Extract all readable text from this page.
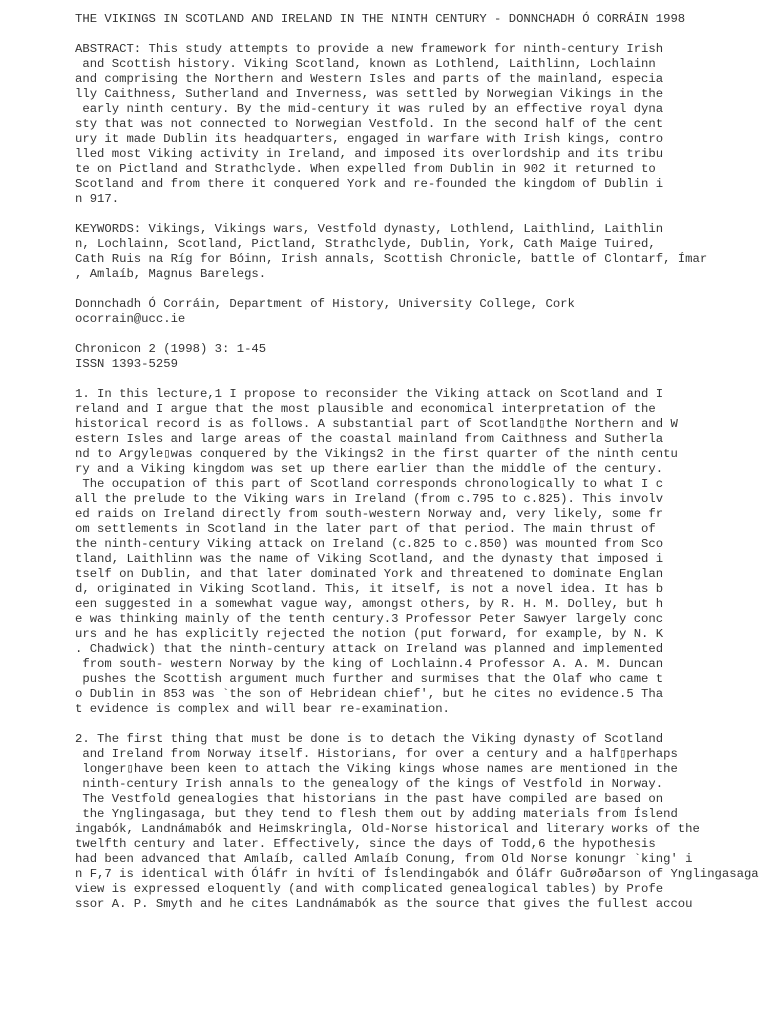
THE VIKINGS IN SCOTLAND AND IRELAND IN THE NINTH CENTURY - DONNCHADH Ó CORRÁIN 1998
ABSTRACT: This study attempts to provide a new framework for ninth-century Irish
and Scottish history. Viking Scotland, known as Lothlend, Laithlinn, Lochlainn
and comprising the Northern and Western Isles and parts of the mainland, especia
lly Caithness, Sutherland and Inverness, was settled by Norwegian Vikings in the
early ninth century. By the mid-century it was ruled by an effective royal dyna
sty that was not connected to Norwegian Vestfold. In the second half of the cent
ury it made Dublin its headquarters, engaged in warfare with Irish kings, contro
lled most Viking activity in Ireland, and imposed its overlordship and its tribu
te on Pictland and Strathclyde. When expelled from Dublin in 902 it returned to
Scotland and from there it conquered York and re-founded the kingdom of Dublin i
n 917.
KEYWORDS: Vikings, Vikings wars, Vestfold dynasty, Lothlend, Laithlind, Laithlin
n, Lochlainn, Scotland, Pictland, Strathclyde, Dublin, York, Cath Maige Tuired,
Cath Ruis na Ríg for Bóinn, Irish annals, Scottish Chronicle, battle of Clontarf, Ímar
, Amlaíb, Magnus Barelegs.
Donnchadh Ó Corráin, Department of History, University College, Cork
ocorrain@ucc.ie
Chronicon 2 (1998) 3: 1-45
ISSN 1393-5259
1. In this lecture,1 I propose to reconsider the Viking attack on Scotland and I
reland and I argue that the most plausible and economical interpretation of the
historical record is as follows. A substantial part of Scotland▯the Northern and W
estern Isles and large areas of the coastal mainland from Caithness and Sutherla
nd to Argyle▯was conquered by the Vikings2 in the first quarter of the ninth centu
ry and a Viking kingdom was set up there earlier than the middle of the century.
The occupation of this part of Scotland corresponds chronologically to what I c
all the prelude to the Viking wars in Ireland (from c.795 to c.825). This involv
ed raids on Ireland directly from south-western Norway and, very likely, some fr
om settlements in Scotland in the later part of that period. The main thrust of
the ninth-century Viking attack on Ireland (c.825 to c.850) was mounted from Sco
tland, Laithlinn was the name of Viking Scotland, and the dynasty that imposed i
tself on Dublin, and that later dominated York and threatened to dominate Englan
d, originated in Viking Scotland. This, it itself, is not a novel idea. It has b
een suggested in a somewhat vague way, amongst others, by R. H. M. Dolley, but h
e was thinking mainly of the tenth century.3 Professor Peter Sawyer largely conc
urs and he has explicitly rejected the notion (put forward, for example, by N. K
. Chadwick) that the ninth-century attack on Ireland was planned and implemented
from south- western Norway by the king of Lochlainn.4 Professor A. A. M. Duncan
pushes the Scottish argument much further and surmises that the Olaf who came t
o Dublin in 853 was `the son of Hebridean chief', but he cites no evidence.5 Tha
t evidence is complex and will bear re-examination.
2. The first thing that must be done is to detach the Viking dynasty of Scotland
and Ireland from Norway itself. Historians, for over a century and a half▯perhaps
longer▯have been keen to attach the Viking kings whose names are mentioned in the
ninth-century Irish annals to the genealogy of the kings of Vestfold in Norway.
The Vestfold genealogies that historians in the past have compiled are based on
the Ynglingasaga, but they tend to flesh them out by adding materials from Íslend
ingabók, Landnámabók and Heimskringla, Old-Norse historical and literary works of the
twelfth century and later. Effectively, since the days of Todd,6 the hypothesis
had been advanced that Amlaíb, called Amlaíb Conung, from Old Norse konungr `king' i
n F,7 is identical with Óláfr in hvíti of Íslendingabók and Óláfr Guðrøðarson of Ynglingasaga
view is expressed eloquently (and with complicated genealogical tables) by Profe
ssor A. P. Smyth and he cites Landnámabók as the source that gives the fullest accou
